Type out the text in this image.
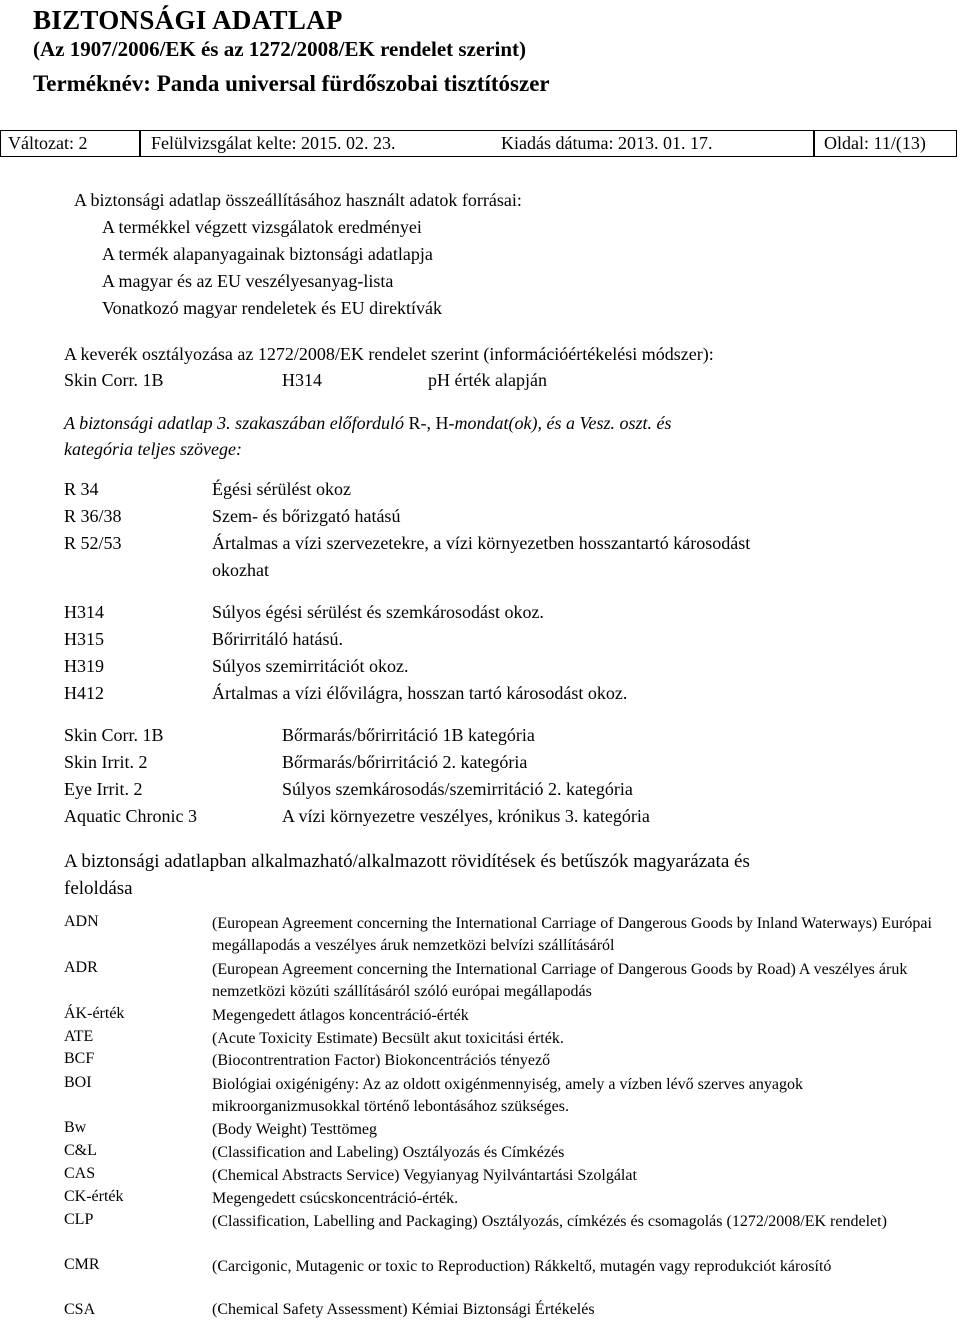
BIZTONSÁGI ADATLAP
(Az 1907/2006/EK és az 1272/2008/EK rendelet szerint)
Terméknév: Panda universal fürdőszobai tisztítószer
Változat: 2	Felülvizsgálat kelte: 2015. 02. 23.	Kiadás dátuma: 2013. 01. 17.	Oldal: 11/(13)
A biztonsági adatlap összeállításához használt adatok forrásai:
A termékkel végzett vizsgálatok eredményei
A termék alapanyagainak biztonsági adatlapja
A magyar és az EU veszélyesanyag-lista
Vonatkozó magyar rendeletek és EU direktívák
A keverék osztályozása az 1272/2008/EK rendelet szerint (információértékelési módszer):
Skin Corr. 1B	H314	pH érték alapján
A biztonsági adatlap 3. szakaszában előforduló R-, H-mondat(ok), és a Vesz. oszt. és
kategória teljes szövege:
R 34	Égési sérülést okoz
R 36/38	Szem- és bőrizgató hatású
R 52/53	Ártalmas a vízi szervezetekre, a vízi környezetben hosszantartó károsodást
okozhat
H314	Súlyos égési sérülést és szemkárosodást okoz.
H315	Bőrirritáló hatású.
H319	Súlyos szemirritációt okoz.
H412	Ártalmas a vízi élővilágra, hosszan tartó károsodást okoz.
Skin Corr. 1B	Bőrmarás/bőrirritáció 1B kategória
Skin Irrit. 2	Bőrmarás/bőrirritáció 2. kategória
Eye Irrit. 2	Súlyos szemkárosodás/szemirritáció 2. kategória
Aquatic Chronic 3	A vízi környezetre veszélyes, krónikus 3. kategória
A biztonsági adatlapban alkalmazható/alkalmazott rövidítések és betűszók magyarázata és
feloldása
ADN	(European Agreement concerning the International Carriage of Dangerous Goods by Inland Waterways) Európai megállapodás a veszélyes áruk nemzetközi belvízi szállításáról
ADR	(European Agreement concerning the International Carriage of Dangerous Goods by Road) A veszélyes áruk nemzetközi közúti szállításáról szóló európai megállapodás
ÁK-érték	Megengedett átlagos koncentráció-érték
ATE	(Acute Toxicity Estimate) Becsült akut toxicitási érték.
BCF	(Biocontrentration Factor) Biokoncentrációs tényező
BOI	Biológiai oxigénigény: Az az oldott oxigénmennyiség, amely a vízben lévő szerves anyagok mikroorganizmusokkal történő lebontásához szükséges.
Bw	(Body Weight) Testtömeg
C&L	(Classification and Labeling) Osztályozás és Címkézés
CAS	(Chemical Abstracts Service) Vegyianyag Nyilvántartási Szolgálat
CK-érték	Megengedett csúcskoncentráció-érték.
CLP	(Classification, Labelling and Packaging) Osztályozás, címkézés és csomagolás (1272/2008/EK rendelet)
CMR	(Carcigonic, Mutagenic or toxic to Reproduction) Rákkeltő, mutagén vagy reprodukciót károsító
CSA	(Chemical Safety Assessment) Kémiai Biztonsági Értékelés
